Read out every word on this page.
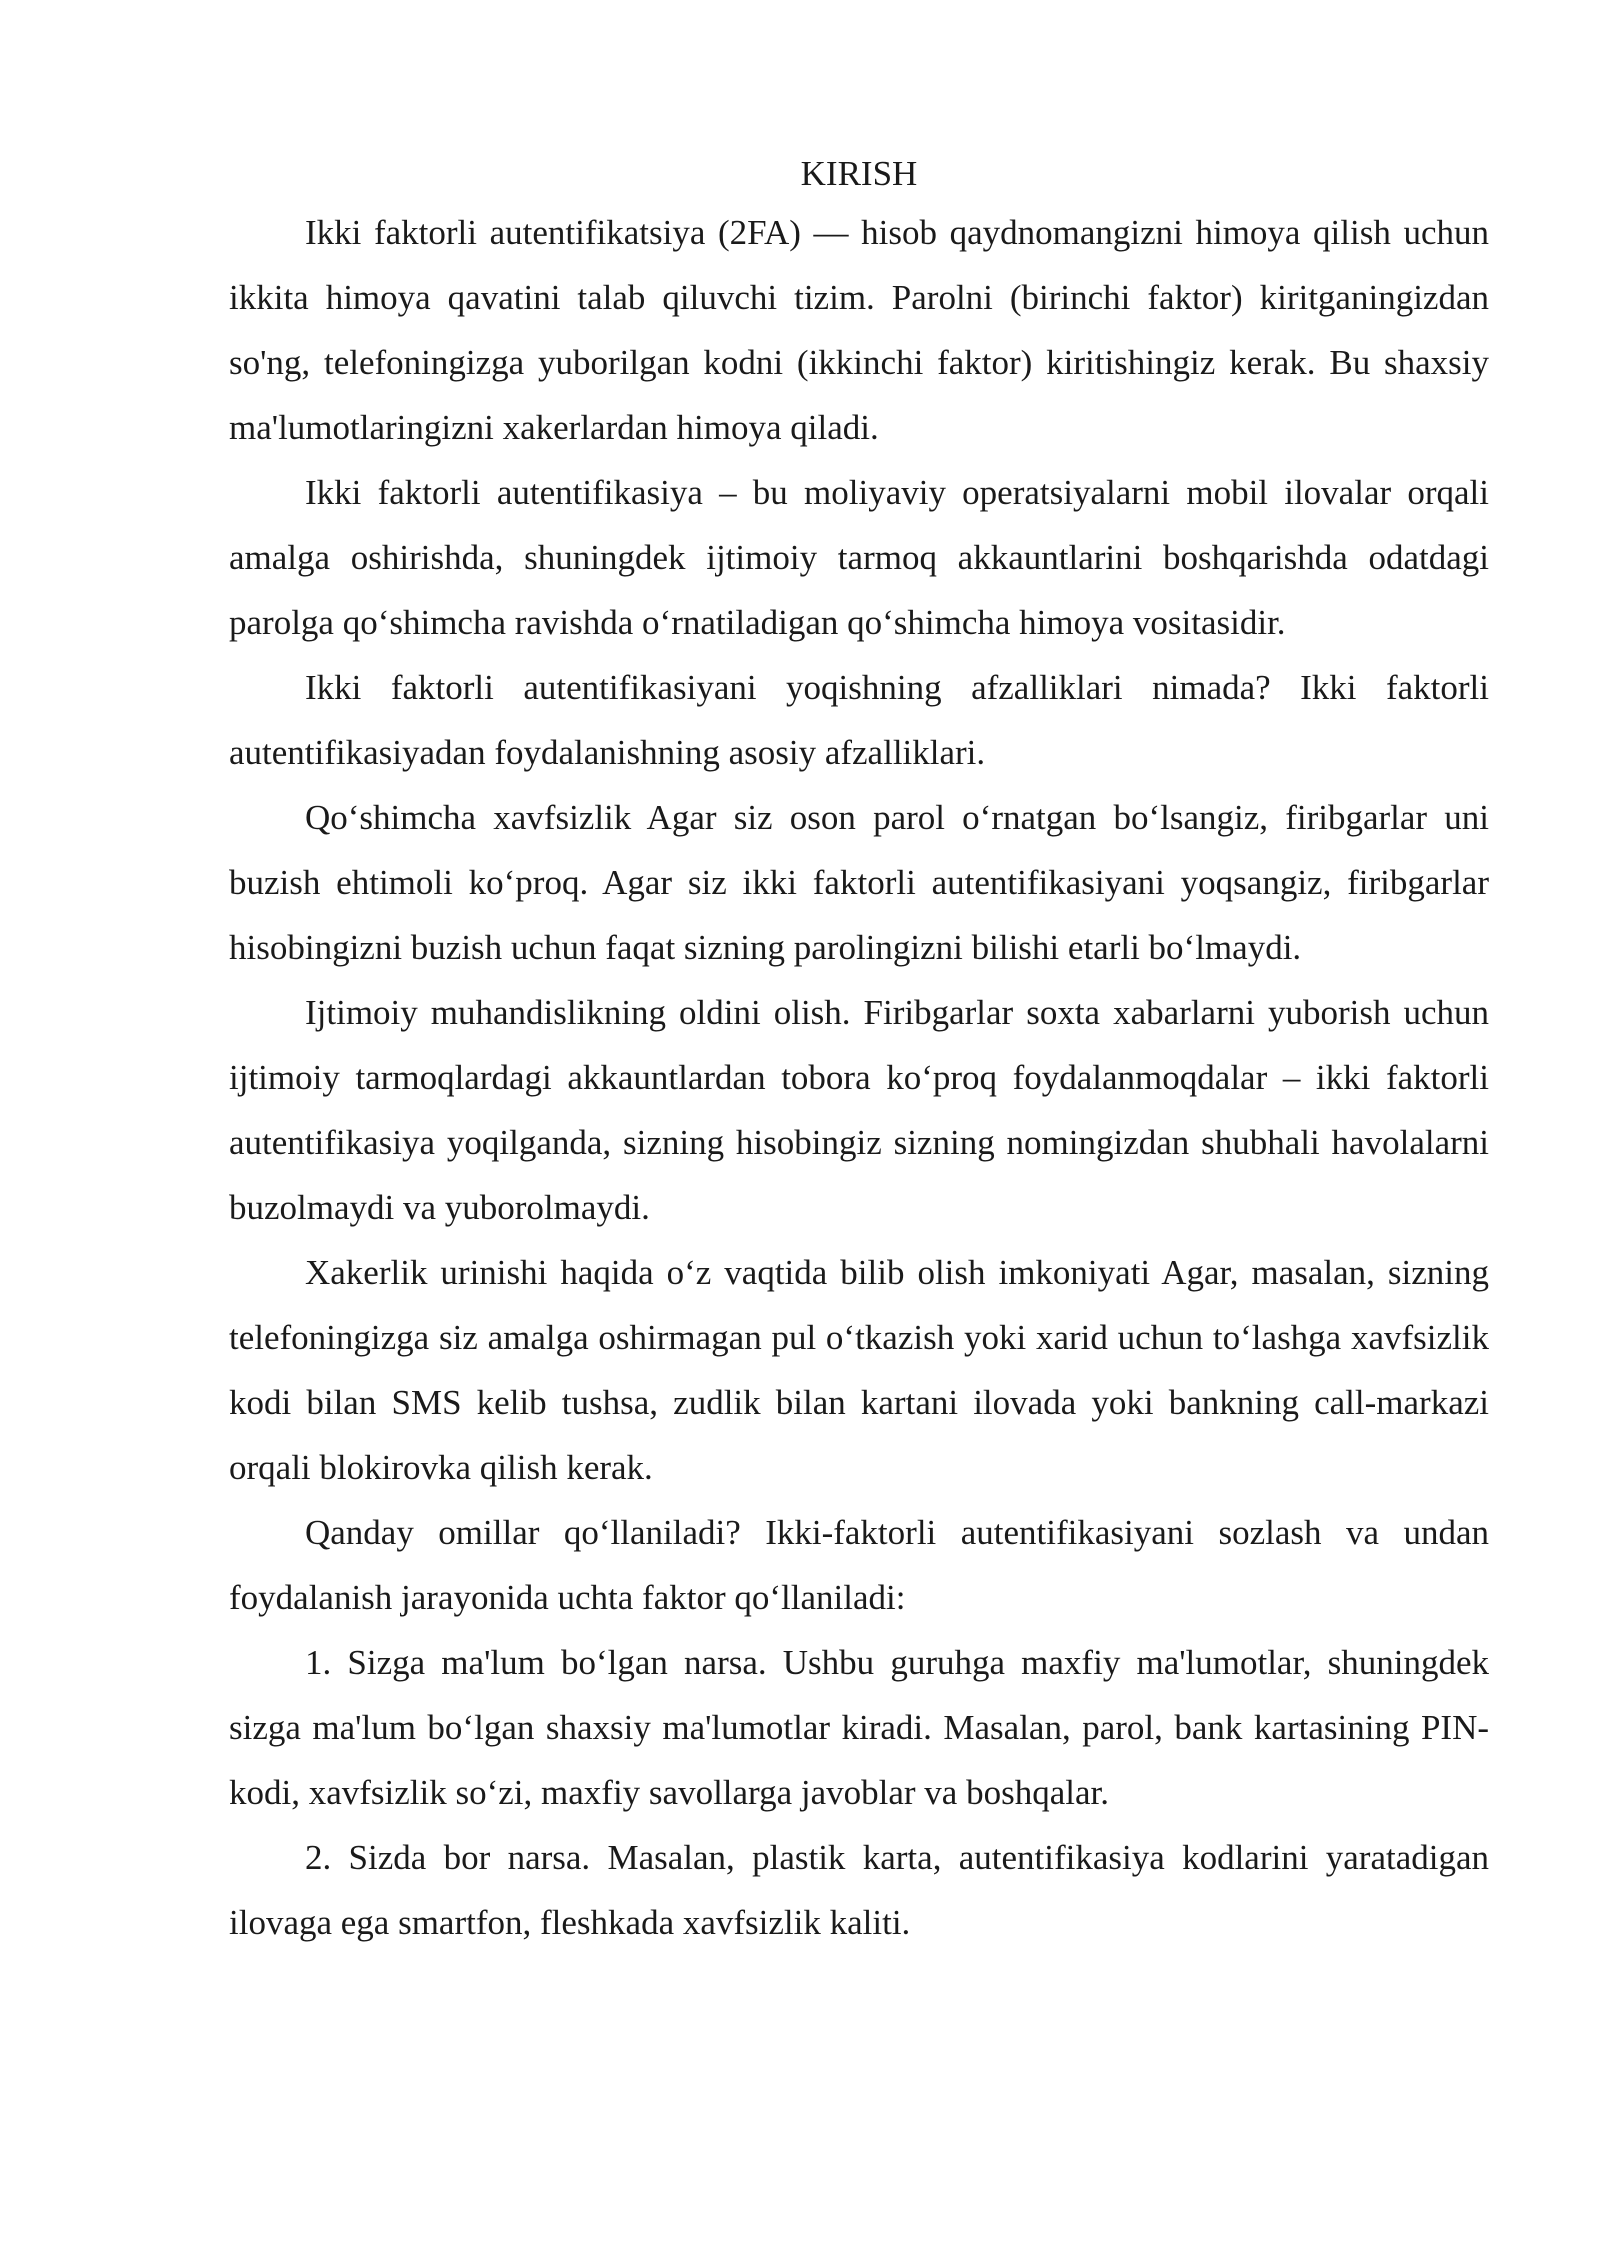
KIRISH

Ikki faktorli autentifikatsiya (2FA) — hisob qaydnomangizni himoya qilish uchun ikkita himoya qavatini talab qiluvchi tizim. Parolni (birinchi faktor) kiritganingizdan so'ng, telefoningizga yuborilgan kodni (ikkinchi faktor) kiritishingiz kerak. Bu shaxsiy ma'lumotlaringizni xakerlardan himoya qiladi.

Ikki faktorli autentifikasiya – bu moliyaviy operatsiyalarni mobil ilovalar orqali amalga oshirishda, shuningdek ijtimoiy tarmoq akkauntlarini boshqarishda odatdagi parolga qoʻshimcha ravishda oʻrnatiladigan qoʻshimcha himoya vositasidir.

Ikki faktorli autentifikasiyani yoqishning afzalliklari nimada? Ikki faktorli autentifikasiyadan foydalanishning asosiy afzalliklari.

Qoʻshimcha xavfsizlik Agar siz oson parol oʻrnatgan boʻlsangiz, firibgarlar uni buzish ehtimoli koʻproq. Agar siz ikki faktorli autentifikasiyani yoqsangiz, firibgarlar hisobingizni buzish uchun faqat sizning parolingizni bilishi etarli boʻlmaydi.

Ijtimoiy muhandislikning oldini olish. Firibgarlar soxta xabarlarni yuborish uchun ijtimoiy tarmoqlardagi akkauntlardan tobora koʻproq foydalanmoqdalar – ikki faktorli autentifikasiya yoqilganda, sizning hisobingiz sizning nomingizdan shubhali havolalarni buzolmaydi va yuborolmaydi.

Xakerlik urinishi haqida oʻz vaqtida bilib olish imkoniyati Agar, masalan, sizning telefoningizga siz amalga oshirmagan pul oʻtkazish yoki xarid uchun toʻlashga xavfsizlik kodi bilan SMS kelib tushsa, zudlik bilan kartani ilovada yoki bankning call-markazi orqali blokirovka qilish kerak.

Qanday omillar qoʻllaniladi? Ikki-faktorli autentifikasiyani sozlash va undan foydalanish jarayonida uchta faktor qoʻllaniladi:

1. Sizga ma'lum boʻlgan narsa. Ushbu guruhga maxfiy ma'lumotlar, shuningdek sizga ma'lum boʻlgan shaxsiy ma'lumotlar kiradi. Masalan, parol, bank kartasining PIN-kodi, xavfsizlik soʻzi, maxfiy savollarga javoblar va boshqalar.

2. Sizda bor narsa. Masalan, plastik karta, autentifikasiya kodlarini yaratadigan ilovaga ega smartfon, fleshkada xavfsizlik kaliti.
